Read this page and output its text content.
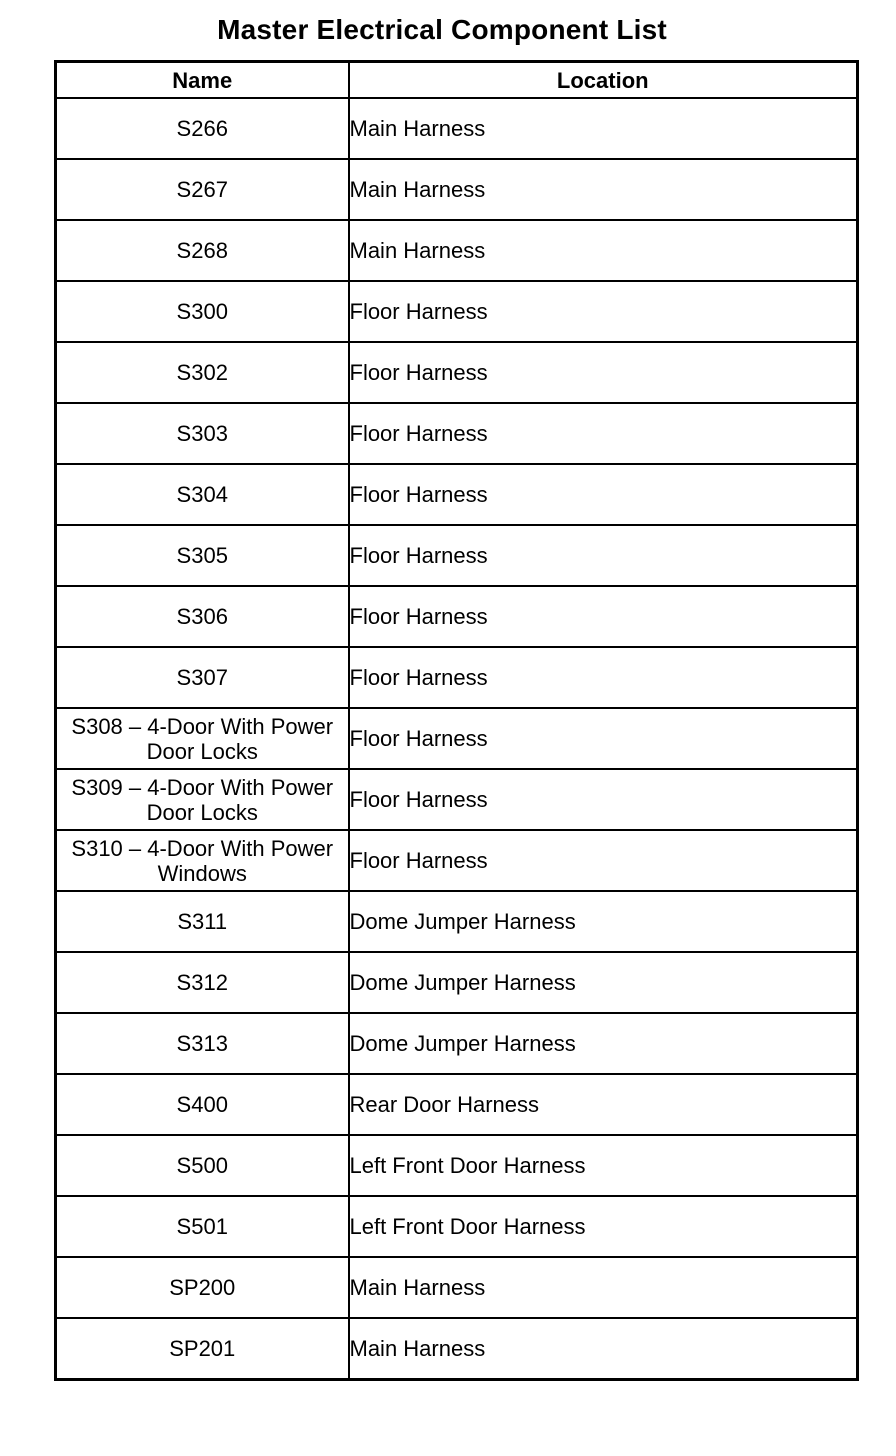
Master Electrical Component List
Name	Location
S266	Main Harness
S267	Main Harness
S268	Main Harness
S300	Floor Harness
S302	Floor Harness
S303	Floor Harness
S304	Floor Harness
S305	Floor Harness
S306	Floor Harness
S307	Floor Harness
S308 – 4-Door With Power Door Locks	Floor Harness
S309 – 4-Door With Power Door Locks	Floor Harness
S310 – 4-Door With Power Windows	Floor Harness
S311	Dome Jumper Harness
S312	Dome Jumper Harness
S313	Dome Jumper Harness
S400	Rear Door Harness
S500	Left Front Door Harness
S501	Left Front Door Harness
SP200	Main Harness
SP201	Main Harness
